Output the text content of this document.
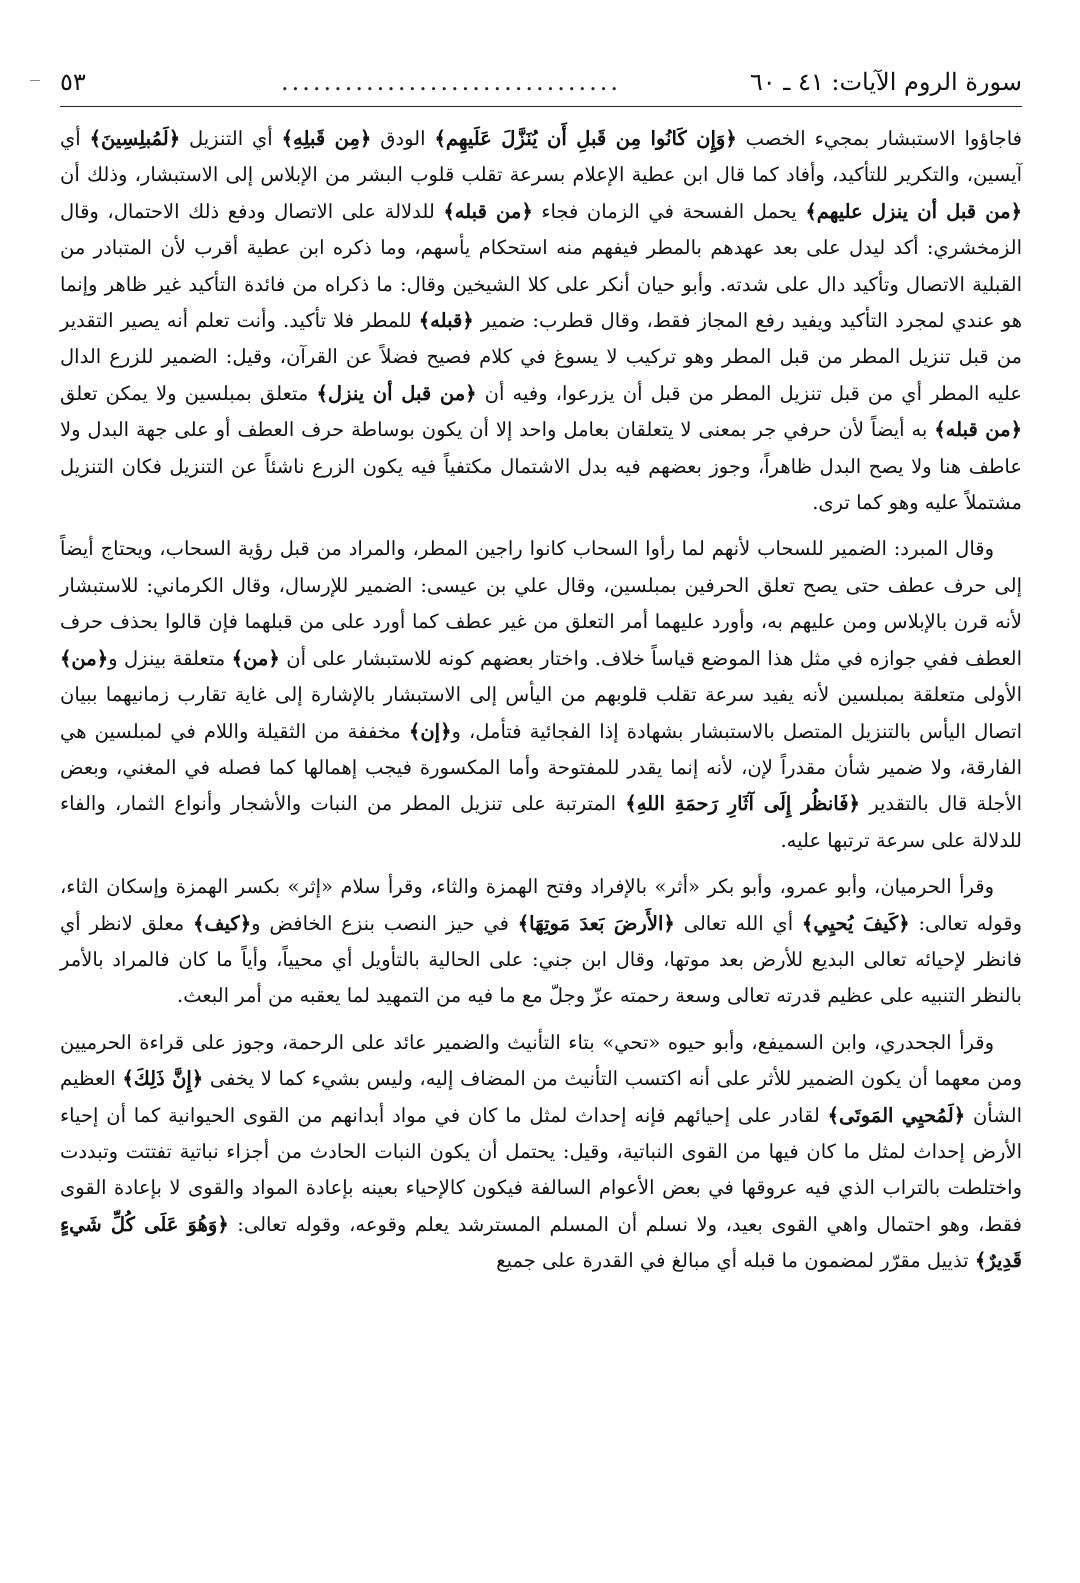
سورة الروم الآيات: ٤١ ـ ٦٠
................................
٥٣

فاجاؤوا الاستبشار بمجيء الخصب ﴿وَإِن كَانُوا مِن قَبلِ أَن يُنَزَّلَ عَلَيهِم﴾ الودق ﴿مِن قَبلِهِ﴾ أي التنزيل ﴿لَمُبلِسِينَ﴾ أي آيسين، والتكرير للتأكيد، وأفاد كما قال ابن عطية الإعلام بسرعة تقلب قلوب البشر من الإبلاس إلى الاستبشار، وذلك أن ﴿من قبل أن ينزل عليهم﴾ يحمل الفسحة في الزمان فجاء ﴿من قبله﴾ للدلالة على الاتصال ودفع ذلك الاحتمال، وقال الزمخشري: أكد ليدل على بعد عهدهم بالمطر فيفهم منه استحكام يأسهم، وما ذكره ابن عطية أقرب لأن المتبادر من القبلية الاتصال وتأكيد دال على شدته. وأبو حيان أنكر على كلا الشيخين وقال: ما ذكراه من فائدة التأكيد غير ظاهر وإنما هو عندي لمجرد التأكيد ويفيد رفع المجاز فقط، وقال قطرب: ضمير ﴿قبله﴾ للمطر فلا تأكيد. وأنت تعلم أنه يصير التقدير من قبل تنزيل المطر من قبل المطر وهو تركيب لا يسوغ في كلام فصيح فضلاً عن القرآن، وقيل: الضمير للزرع الدال عليه المطر أي من قبل تنزيل المطر من قبل أن يزرعوا، وفيه أن ﴿من قبل أن ينزل﴾ متعلق بمبلسين ولا يمكن تعلق ﴿من قبله﴾ به أيضاً لأن حرفي جر بمعنى لا يتعلقان بعامل واحد إلا أن يكون بوساطة حرف العطف أو على جهة البدل ولا عاطف هنا ولا يصح البدل ظاهراً، وجوز بعضهم فيه بدل الاشتمال مكتفياً فيه يكون الزرع ناشئاً عن التنزيل فكان التنزيل مشتملاً عليه وهو كما ترى.

وقال المبرد: الضمير للسحاب لأنهم لما رأوا السحاب كانوا راجين المطر، والمراد من قبل رؤية السحاب، ويحتاج أيضاً إلى حرف عطف حتى يصح تعلق الحرفين بمبلسين، وقال علي بن عيسى: الضمير للإرسال، وقال الكرماني: للاستبشار لأنه قرن بالإبلاس ومن عليهم به، وأورد عليهما أمر التعلق من غير عطف كما أورد على من قبلهما فإن قالوا بحذف حرف العطف ففي جوازه في مثل هذا الموضع قياساً خلاف. واختار بعضهم كونه للاستبشار على أن ﴿من﴾ متعلقة بينزل و﴿من﴾ الأولى متعلقة بمبلسين لأنه يفيد سرعة تقلب قلوبهم من اليأس إلى الاستبشار بالإشارة إلى غاية تقارب زمانيهما ببيان اتصال اليأس بالتنزيل المتصل بالاستبشار بشهادة إذا الفجائية فتأمل، و﴿إن﴾ مخففة من الثقيلة واللام في لمبلسين هي الفارقة، ولا ضمير شأن مقدراً لإن، لأنه إنما يقدر للمفتوحة وأما المكسورة فيجب إهمالها كما فصله في المغني، وبعض الأجلة قال بالتقدير ﴿فَانظُر إِلَى آثَارِ رَحمَةِ اللهِ﴾ المترتبة على تنزيل المطر من النبات والأشجار وأنواع الثمار، والفاء للدلالة على سرعة ترتبها عليه.

وقرأ الحرميان، وأبو عمرو، وأبو بكر «أثر» بالإفراد وفتح الهمزة والثاء، وقرأ سلام «إثر» بكسر الهمزة وإسكان الثاء، وقوله تعالى: ﴿كَيفَ يُحيِي﴾ أي الله تعالى ﴿الأَرضَ بَعدَ مَوتِهَا﴾ في حيز النصب بنزع الخافض و﴿كيف﴾ معلق لانظر أي فانظر لإحيائه تعالى البديع للأرض بعد موتها، وقال ابن جني: على الحالية بالتأويل أي محيياً، وأياً ما كان فالمراد بالأمر بالنظر التنبيه على عظيم قدرته تعالى وسعة رحمته عزّ وجلّ مع ما فيه من التمهيد لما يعقبه من أمر البعث.

وقرأ الجحدري، وابن السميفع، وأبو حيوه «تحي» بتاء التأنيث والضمير عائد على الرحمة، وجوز على قراءة الحرميين ومن معهما أن يكون الضمير للأثر على أنه اكتسب التأنيث من المضاف إليه، وليس بشيء كما لا يخفى ﴿إِنَّ ذَلِكَ﴾ العظيم الشأن ﴿لَمُحيِي المَوتَى﴾ لقادر على إحيائهم فإنه إحداث لمثل ما كان في مواد أبدانهم من القوى الحيوانية كما أن إحياء الأرض إحداث لمثل ما كان فيها من القوى النباتية، وقيل: يحتمل أن يكون النبات الحادث من أجزاء نباتية تفتتت وتبددت واختلطت بالتراب الذي فيه عروقها في بعض الأعوام السالفة فيكون كالإحياء بعينه بإعادة المواد والقوى لا بإعادة القوى فقط، وهو احتمال واهي القوى بعيد، ولا نسلم أن المسلم المسترشد يعلم وقوعه، وقوله تعالى: ﴿وَهُوَ عَلَى كُلِّ شَيءٍ قَدِيرٌ﴾ تذييل مقرّر لمضمون ما قبله أي مبالغ في القدرة على جميع
